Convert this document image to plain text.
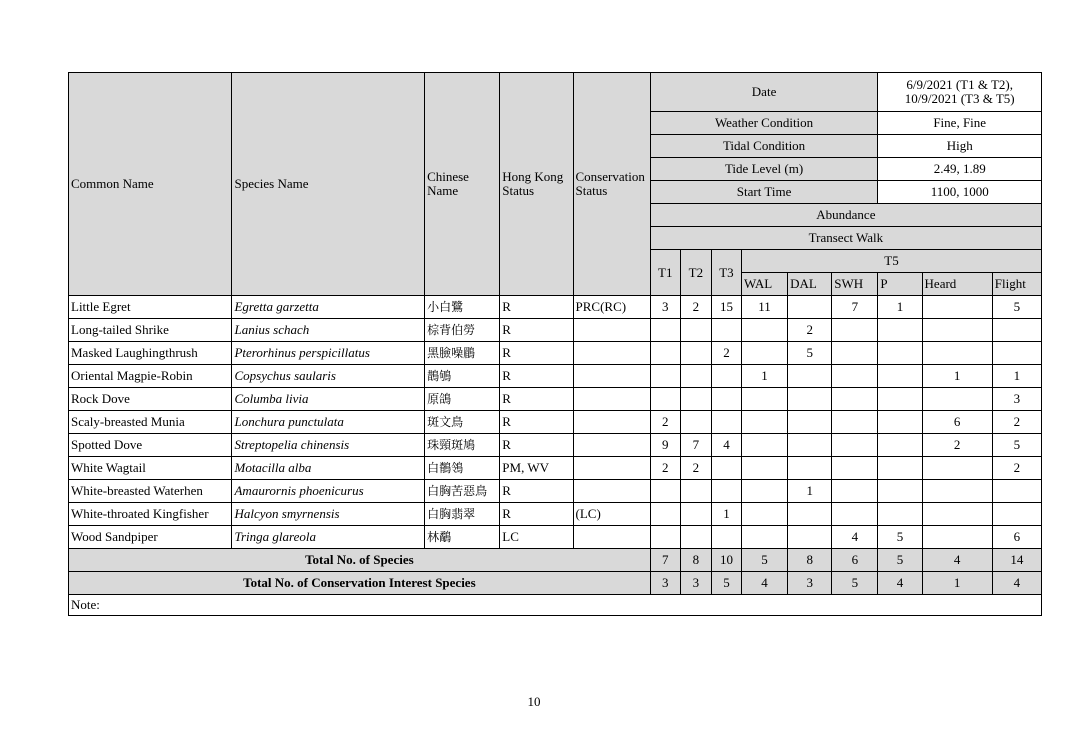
Common Name	Species Name	Chinese Name	Hong Kong Status	Conservation Status	Date						6/9/2021 (T1 & T2), 10/9/2021 (T3 & T5)		
					Weather Condition						Fine, Fine		
					Tidal Condition						High		
					Tide Level (m)						2.49, 1.89		
					Start Time						1100, 1000		
					Abundance								
					Transect Walk								
					T1	T2	T3	T5					
								WAL	DAL	SWH	P	Heard	Flight
Little Egret	Egretta garzetta	小白鷺	R	PRC(RC)	3	2	15	11		7	1		5
Long-tailed Shrike	Lanius schach	棕背伯勞	R						2				
Masked Laughingthrush	Pterorhinus perspicillatus	黑臉噪鶥	R				2		5				
Oriental Magpie-Robin	Copsychus saularis	鵲鴝	R					1				1	1
Rock Dove	Columba livia	原鴿	R										3
Scaly-breasted Munia	Lonchura punctulata	斑文鳥	R		2							6	2
Spotted Dove	Streptopelia chinensis	珠頸斑鳩	R		9	7	4					2	5
White Wagtail	Motacilla alba	白鶺鴒	PM, WV		2	2							2
White-breasted Waterhen	Amaurornis phoenicurus	白胸苦惡鳥	R						1				
White-throated Kingfisher	Halcyon smyrnensis	白胸翡翠	R	(LC)			1						
Wood Sandpiper	Tringa glareola	林鷸	LC							4	5		6
Total No. of Species					7	8	10	5	8	6	5	4	14
Total No. of Conservation Interest Species					3	3	5	4	3	5	4	1	4
Note:													
10
